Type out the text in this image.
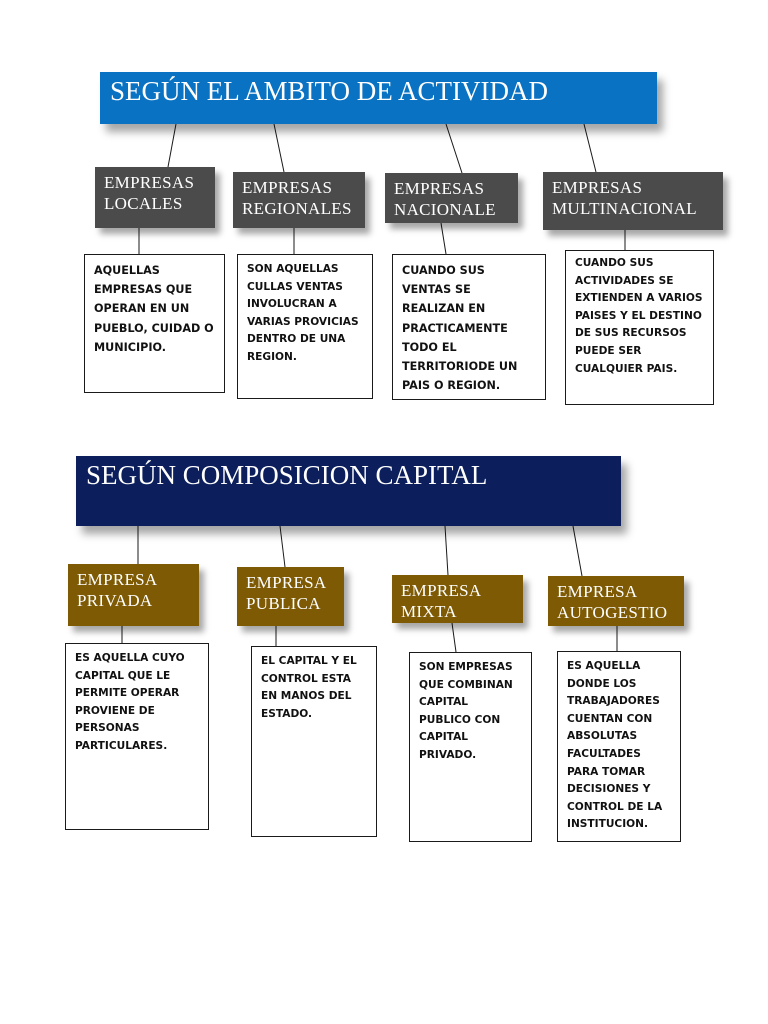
SEGÚN EL AMBITO DE ACTIVIDAD
EMPRESAS LOCALES
EMPRESAS REGIONALES
EMPRESAS NACIONALE
EMPRESAS MULTINACIONAL
AQUELLAS EMPRESAS QUE OPERAN EN UN PUEBLO, CUIDAD O MUNICIPIO.
SON AQUELLAS CULLAS VENTAS INVOLUCRAN A VARIAS PROVICIAS DENTRO DE UNA REGION.
CUANDO SUS VENTAS SE REALIZAN EN PRACTICAMENTE TODO EL TERRITORIODE UN PAIS O REGION.
CUANDO SUS ACTIVIDADES SE EXTIENDEN A VARIOS PAISES Y EL DESTINO DE SUS RECURSOS PUEDE SER CUALQUIER PAIS.
SEGÚN COMPOSICION CAPITAL
EMPRESA PRIVADA
EMPRESA PUBLICA
EMPRESA MIXTA
EMPRESA AUTOGESTIO
ES AQUELLA CUYO CAPITAL QUE LE PERMITE OPERAR PROVIENE DE PERSONAS PARTICULARES.
EL CAPITAL Y EL CONTROL ESTA EN MANOS DEL ESTADO.
SON EMPRESAS QUE COMBINAN CAPITAL PUBLICO CON CAPITAL PRIVADO.
ES AQUELLA DONDE LOS TRABAJADORES CUENTAN CON ABSOLUTAS FACULTADES PARA TOMAR DECISIONES Y CONTROL DE LA INSTITUCION.
